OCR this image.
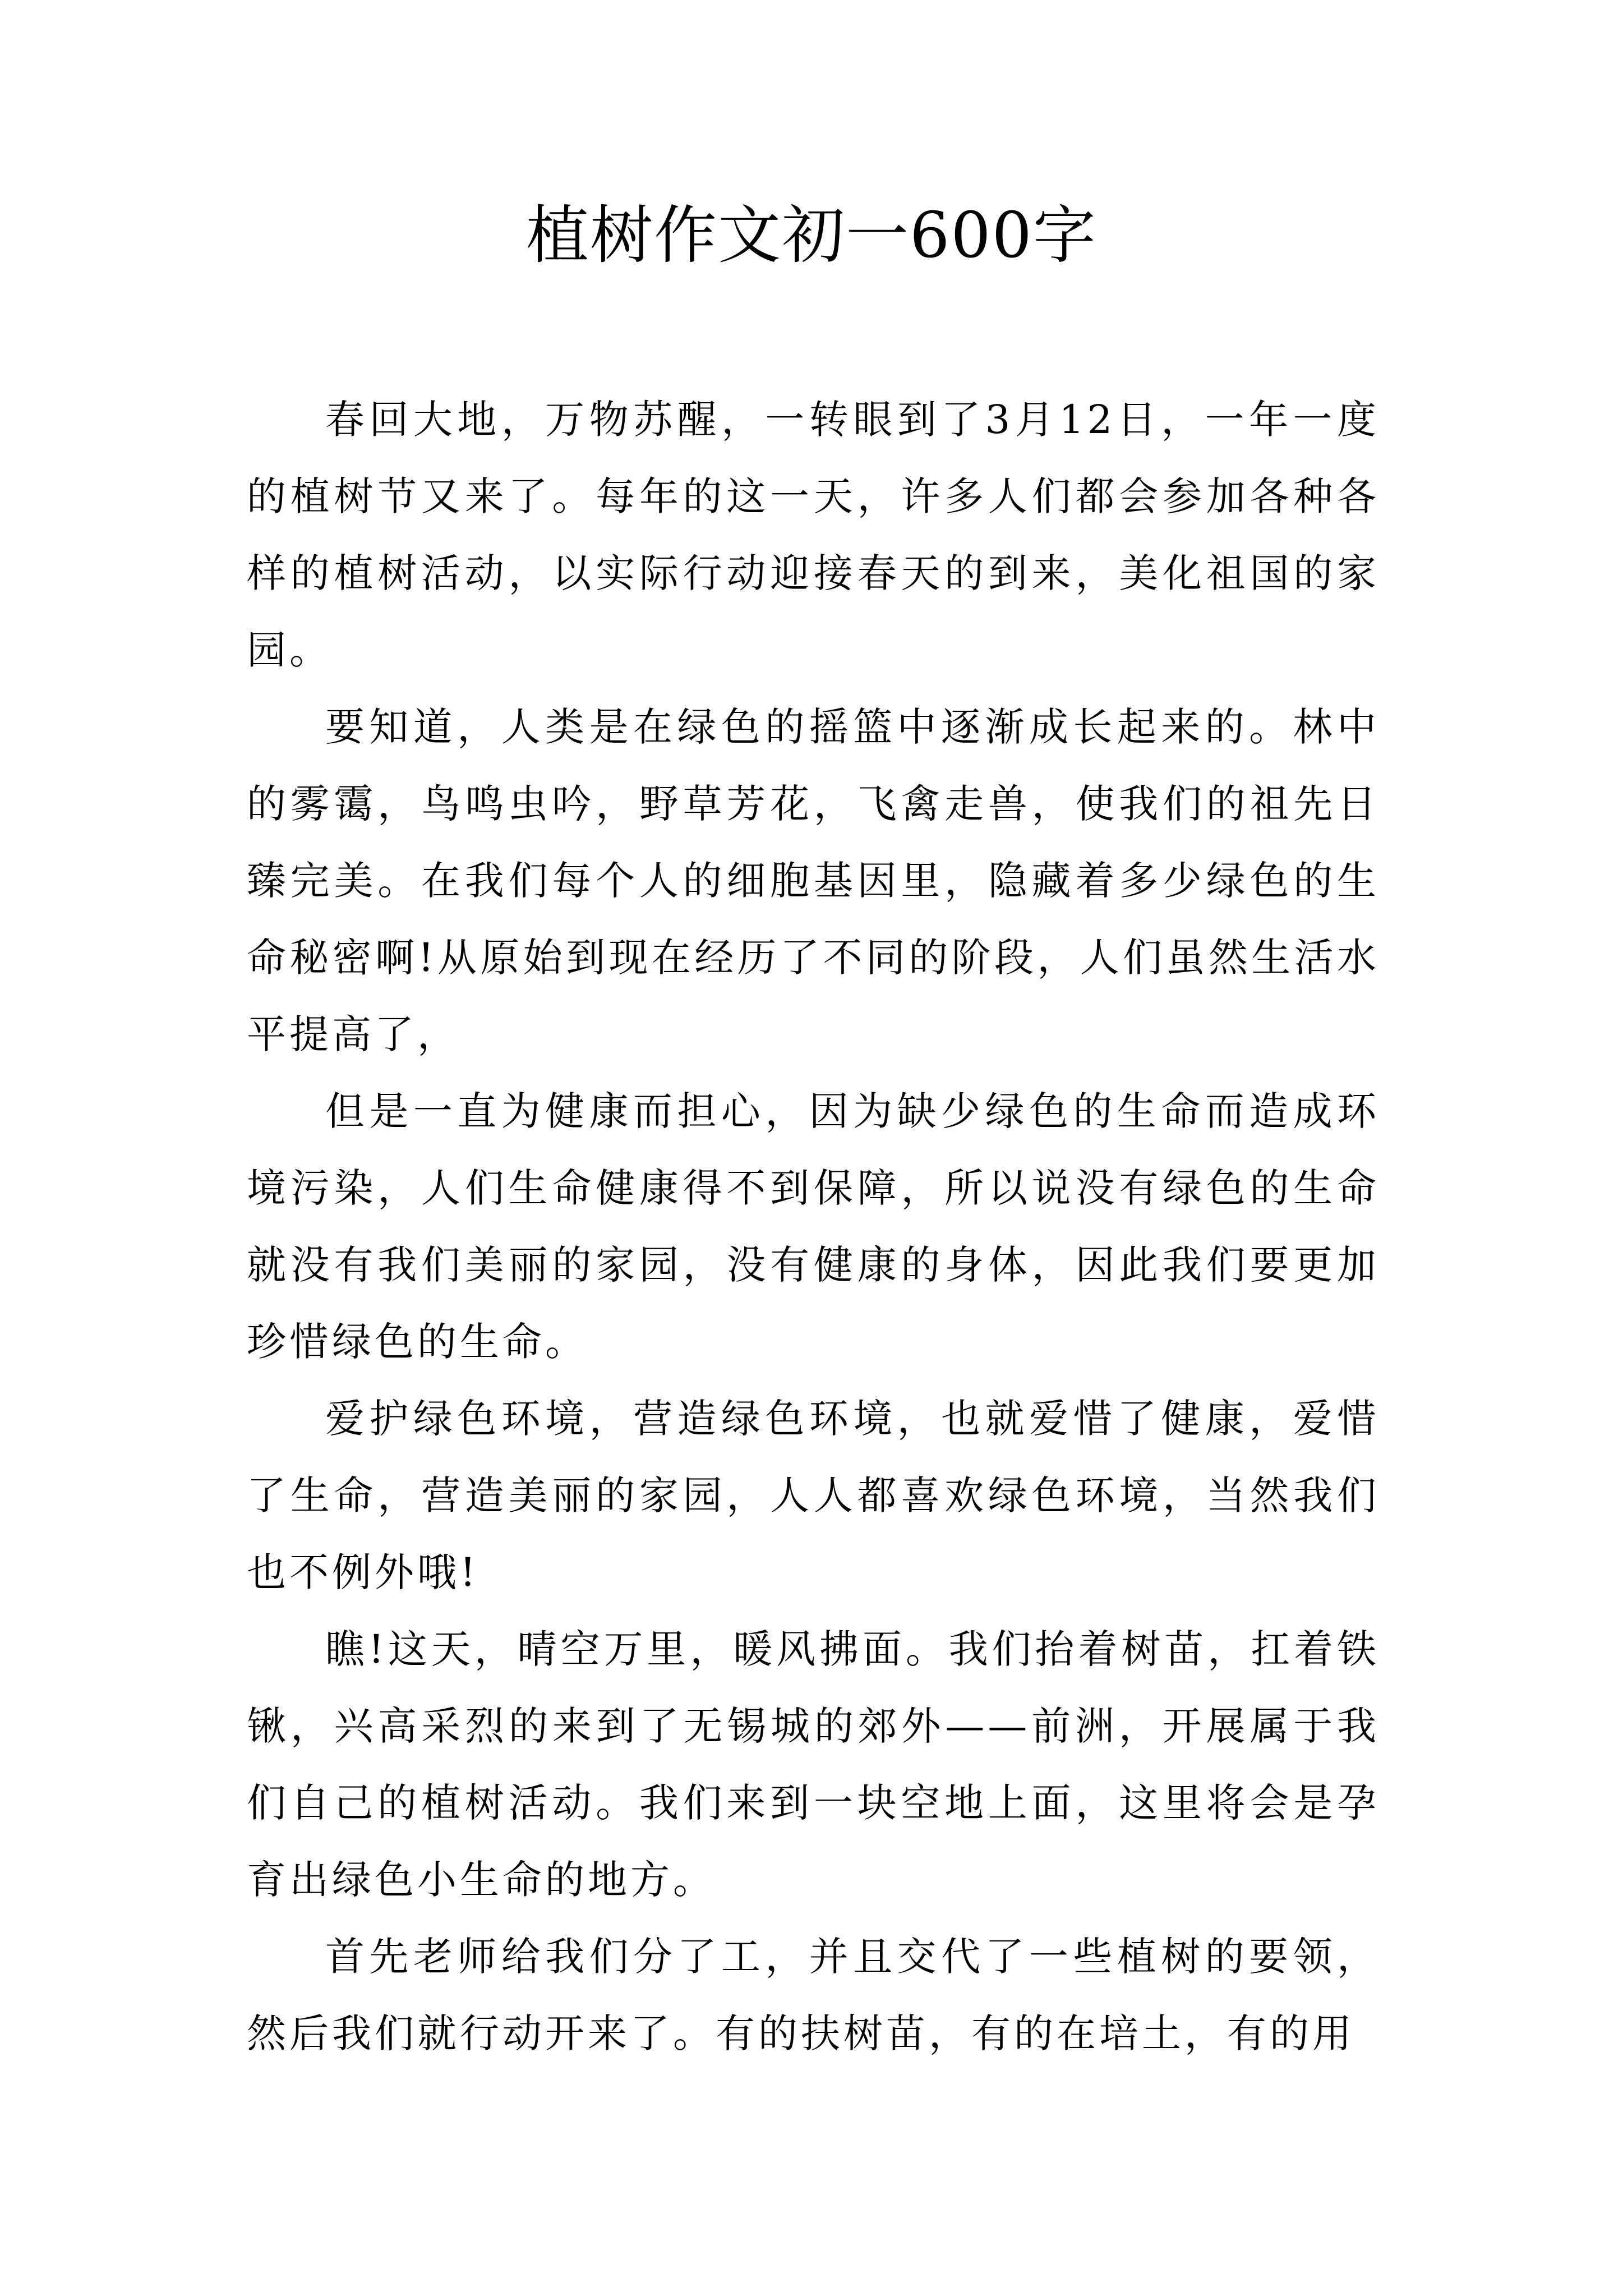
植树作文初一600字

春回大地，万物苏醒，一转眼到了3月12日，一年一度的植树节又来了。每年的这一天，许多人们都会参加各种各样的植树活动，以实际行动迎接春天的到来，美化祖国的家园。

要知道，人类是在绿色的摇篮中逐渐成长起来的。林中的雾霭，鸟鸣虫吟，野草芳花，飞禽走兽，使我们的祖先日臻完美。在我们每个人的细胞基因里，隐藏着多少绿色的生命秘密啊!从原始到现在经历了不同的阶段，人们虽然生活水平提高了，

但是一直为健康而担心，因为缺少绿色的生命而造成环境污染，人们生命健康得不到保障，所以说没有绿色的生命就没有我们美丽的家园，没有健康的身体，因此我们要更加珍惜绿色的生命。

爱护绿色环境，营造绿色环境，也就爱惜了健康，爱惜了生命，营造美丽的家园，人人都喜欢绿色环境，当然我们也不例外哦!

瞧!这天，晴空万里，暖风拂面。我们抬着树苗，扛着铁锹，兴高采烈的来到了无锡城的郊外——前洲，开展属于我们自己的植树活动。我们来到一块空地上面，这里将会是孕育出绿色小生命的地方。

首先老师给我们分了工，并且交代了一些植树的要领，然后我们就行动开来了。有的扶树苗，有的在培土，有的用
